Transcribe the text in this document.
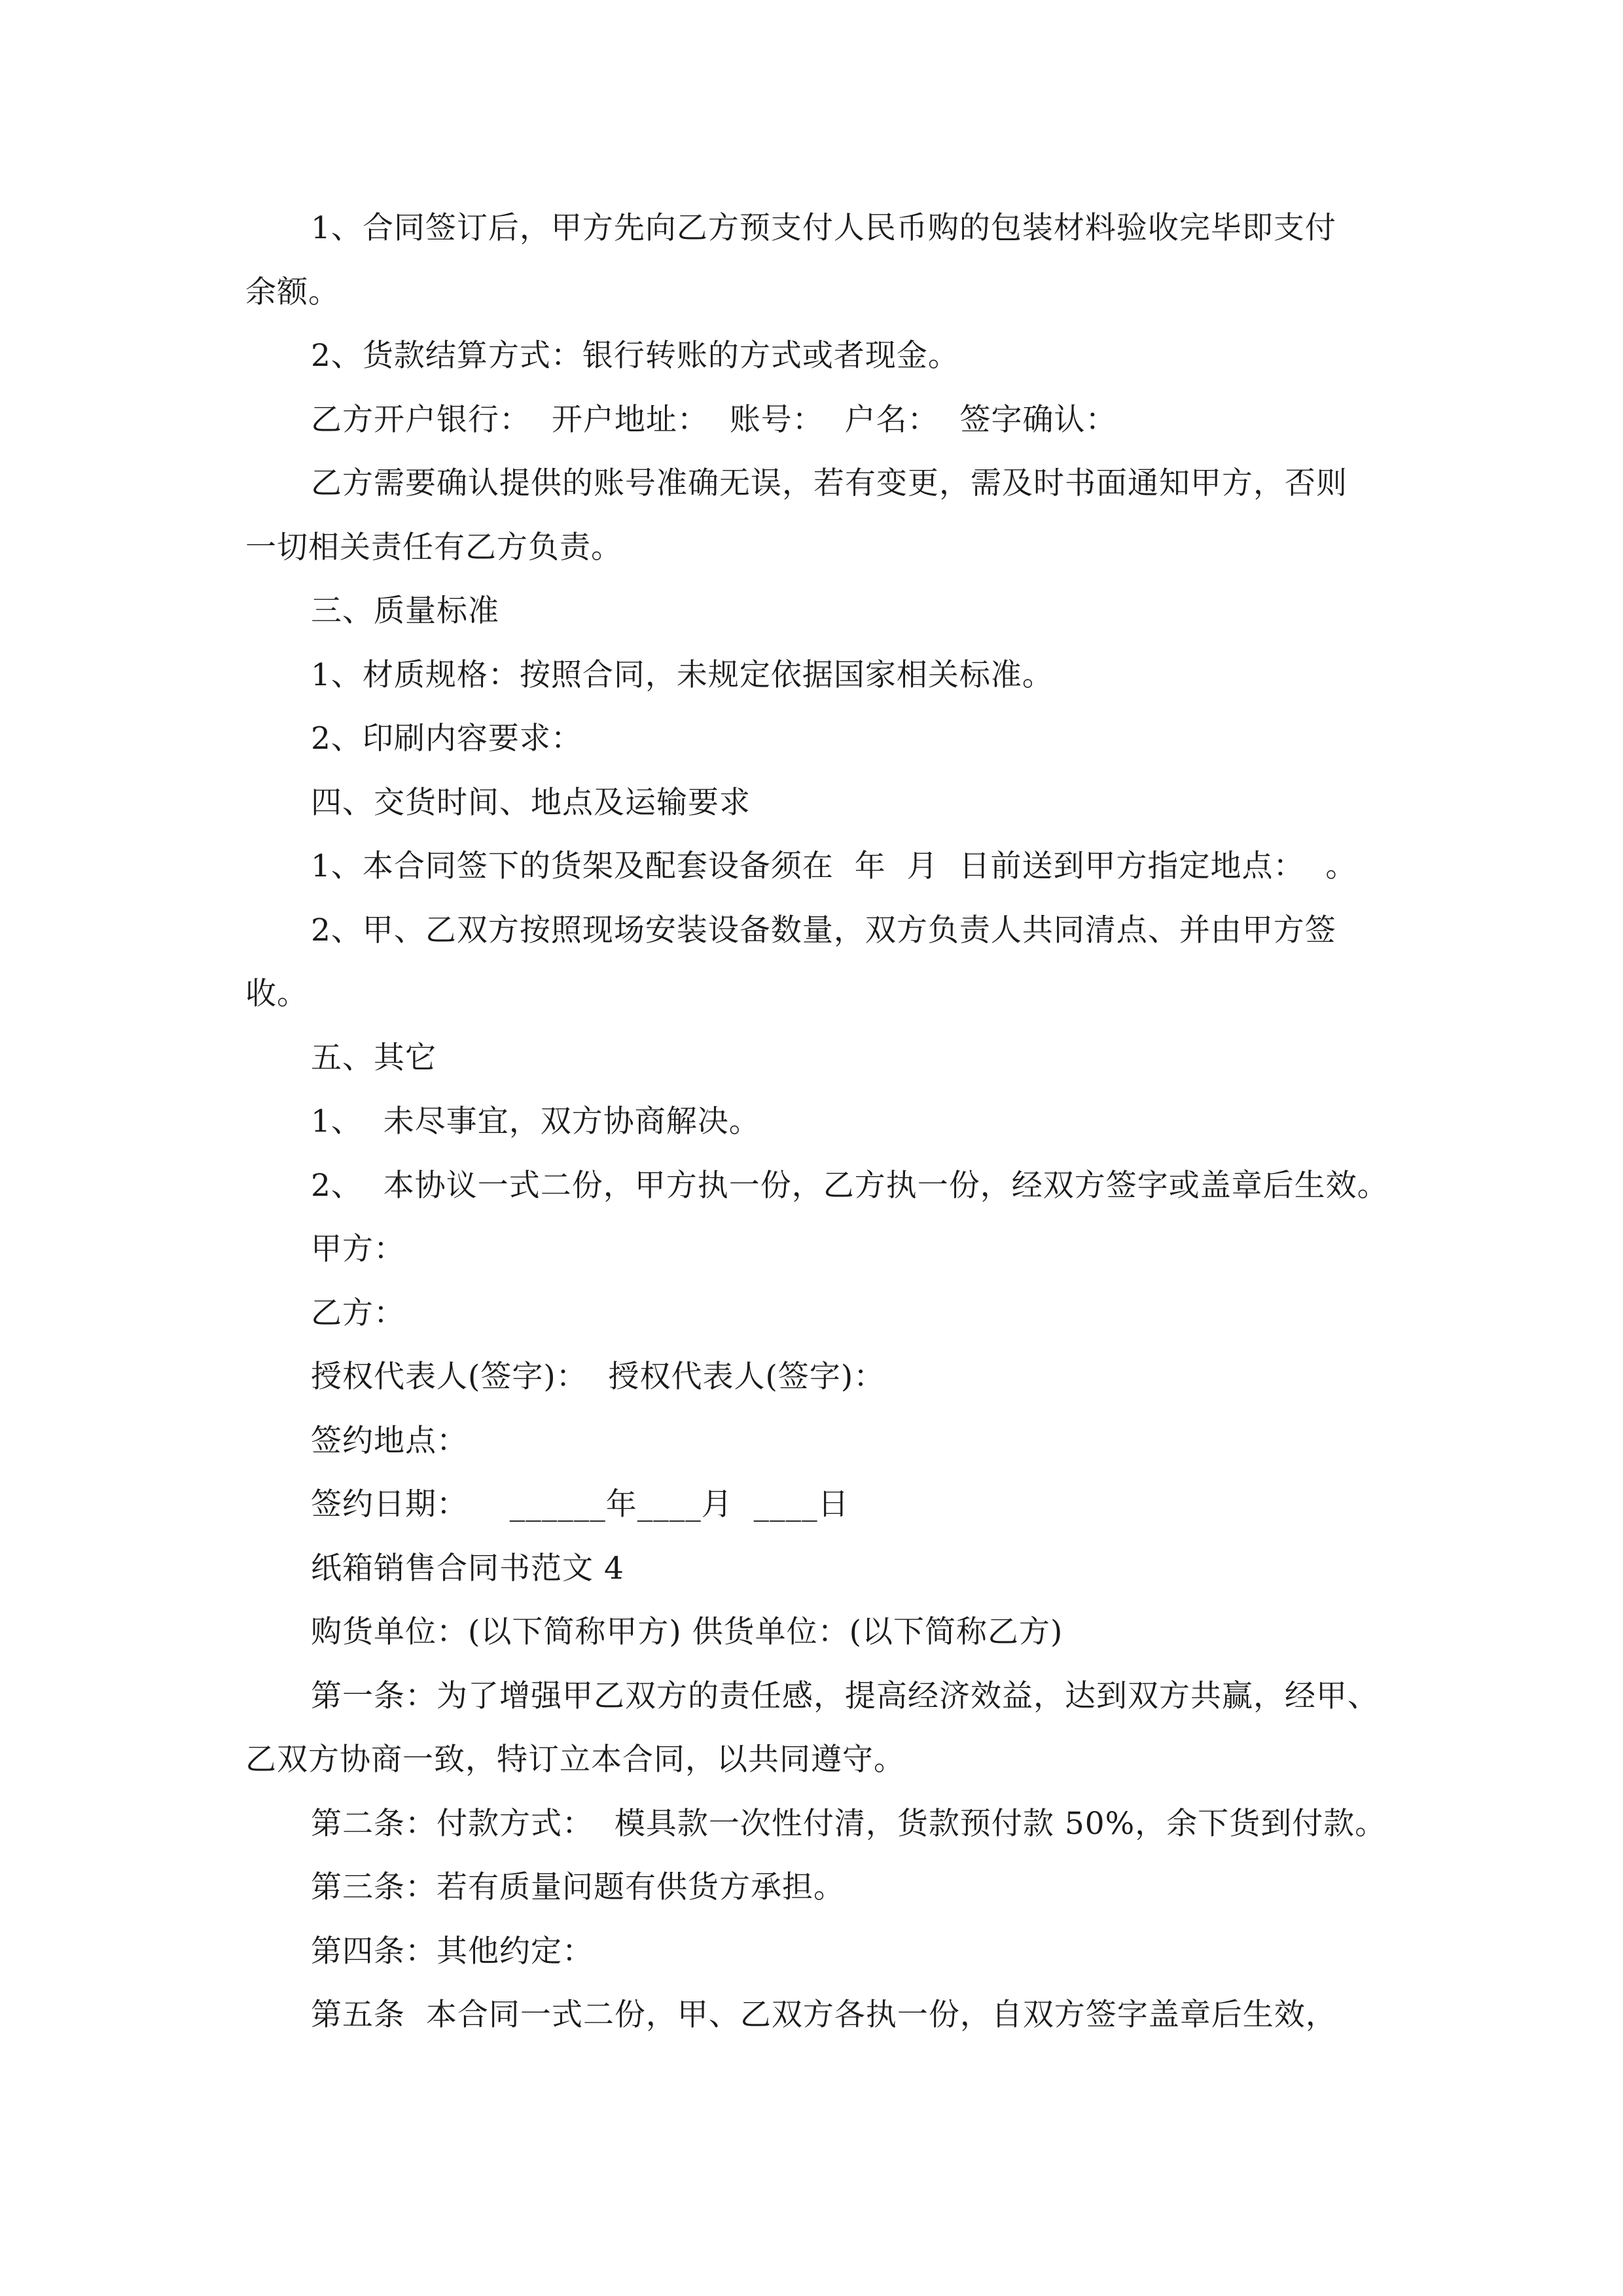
1、合同签订后，甲方先向乙方预支付人民币购的包装材料验收完毕即支付

余额。

2、货款结算方式：银行转账的方式或者现金。

乙方开户银行：  开户地址：  账号：  户名：  签字确认：

乙方需要确认提供的账号准确无误，若有变更，需及时书面通知甲方，否则

一切相关责任有乙方负责。

三、质量标准

1、材质规格：按照合同，未规定依据国家相关标准。

2、印刷内容要求：

四、交货时间、地点及运输要求

1、本合同签下的货架及配套设备须在  年  月  日前送到甲方指定地点：  。

2、甲、乙双方按照现场安装设备数量，双方负责人共同清点、并由甲方签

收。

五、其它

1、  未尽事宜，双方协商解决。

2、  本协议一式二份，甲方执一份，乙方执一份，经双方签字或盖章后生效。

甲方：

乙方：

授权代表人(签字)：  授权代表人(签字)：

签约地点：

签约日期：    ______年____月  ____日

纸箱销售合同书范文 4

购货单位：(以下简称甲方) 供货单位：(以下简称乙方)

第一条：为了增强甲乙双方的责任感，提高经济效益，达到双方共赢，经甲、

乙双方协商一致，特订立本合同，以共同遵守。

第二条：付款方式：  模具款一次性付清，货款预付款 50%，余下货到付款。

第三条：若有质量问题有供货方承担。

第四条：其他约定：

第五条  本合同一式二份，甲、乙双方各执一份，自双方签字盖章后生效，
